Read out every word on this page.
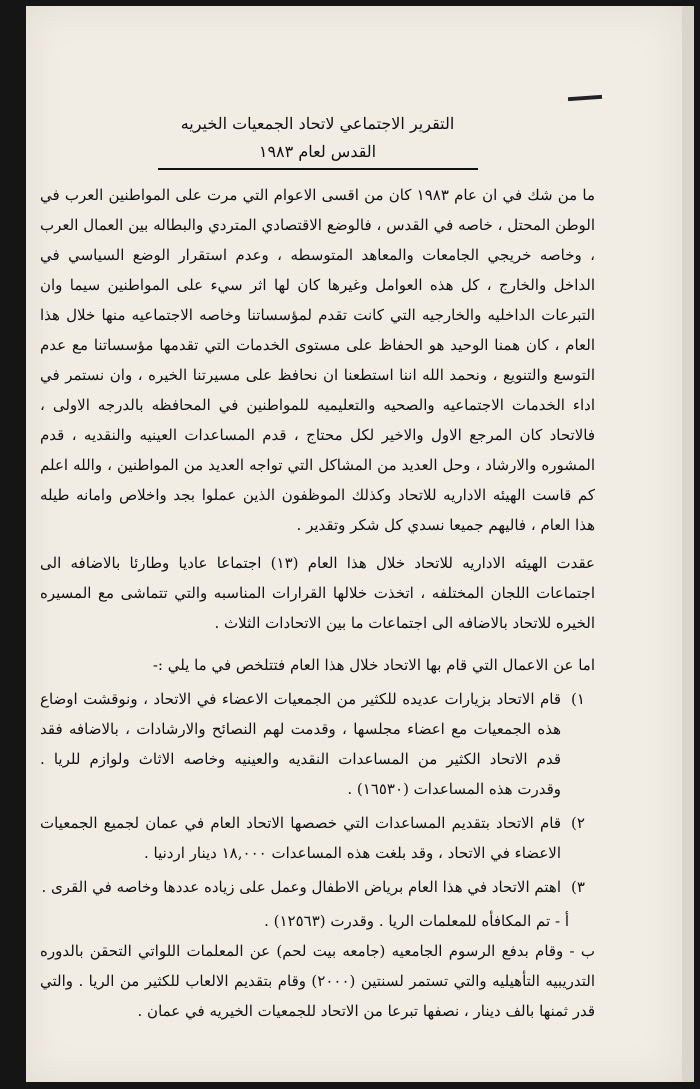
التقرير الاجتماعي لاتحاد الجمعيات الخيريه
القدس لعام ١٩٨٣

ما من شك في ان عام ١٩٨٣ كان من اقسى الاعوام التي مرت على المواطنين العرب في الوطن المحتل ، خاصه في القدس ، فالوضع الاقتصادي المتردي والبطاله بين العمال العرب ، وخاصه خريجي الجامعات والمعاهد المتوسطه ، وعدم استقرار الوضع السياسي في الداخل والخارج ، كل هذه العوامل وغيرها كان لها اثر سيء على المواطنين سيما وان التبرعات الداخليه والخارجيه التي كانت تقدم لمؤسساتنا وخاصه الاجتماعيه منها خلال هذا العام ، كان همنا الوحيد هو الحفاظ على مستوى الخدمات التي تقدمها مؤسساتنا مع عدم التوسع والتنويع ، ونحمد الله اننا استطعنا ان نحافظ على مسيرتنا الخيره ، وان نستمر في اداء الخدمات الاجتماعيه والصحيه والتعليميه للمواطنين في المحافظه بالدرجه الاولى ، فالاتحاد كان المرجع الاول والاخير لكل محتاج ، قدم المساعدات العينيه والنقديه ، قدم المشوره والارشاد ، وحل العديد من المشاكل التي تواجه العديد من المواطنين ، والله اعلم كم قاست الهيئه الاداريه للاتحاد وكذلك الموظفون الذين عملوا بجد واخلاص وامانه طيله هذا العام ، فاليهم جميعا نسدي كل شكر وتقدير .

عقدت الهيئه الاداريه للاتحاد خلال هذا العام (١٣) اجتماعا عاديا وطارئا بالاضافه الى اجتماعات اللجان المختلفه ، اتخذت خلالها القرارات المناسبه والتي تتماشى مع المسيره الخيره للاتحاد بالاضافه الى اجتماعات ما بين الاتحادات الثلاث .

اما عن الاعمال التي قام بها الاتحاد خلال هذا العام فتتلخص في ما يلي :-

١)
قام الاتحاد بزيارات عديده للكثير من الجمعيات الاعضاء في الاتحاد ، ونوقشت اوضاع هذه الجمعيات مع اعضاء مجلسها ، وقدمت لهم النصائح والارشادات ، بالاضافه فقد قدم الاتحاد الكثير من المساعدات النقديه والعينيه وخاصه الاثاث ولوازم للريا . وقدرت هذه المساعدات (١٦٥٣٠) .
٢)
قام الاتحاد بتقديم المساعدات التي خصصها الاتحاد العام في عمان لجميع الجمعيات الاعضاء في الاتحاد ، وقد بلغت هذه المساعدات ١٨,٠٠٠ دينار اردنيا .
٣)
اهتم الاتحاد في هذا العام برياض الاطفال وعمل على زياده عددها وخاصه في القرى .

أ - تم المكافأه للمعلمات الريا . وقدرت (١٢٥٦٣) .

ب - وقام بدفع الرسوم الجامعيه (جامعه بيت لحم) عن المعلمات اللواتي التحقن بالدوره التدريبيه التأهيليه والتي تستمر لسنتين (٢٠٠٠) وقام بتقديم الالعاب للكثير من الريا . والتي قدر ثمنها بالف دينار ، نصفها تبرعا من الاتحاد للجمعيات الخيريه في عمان .
